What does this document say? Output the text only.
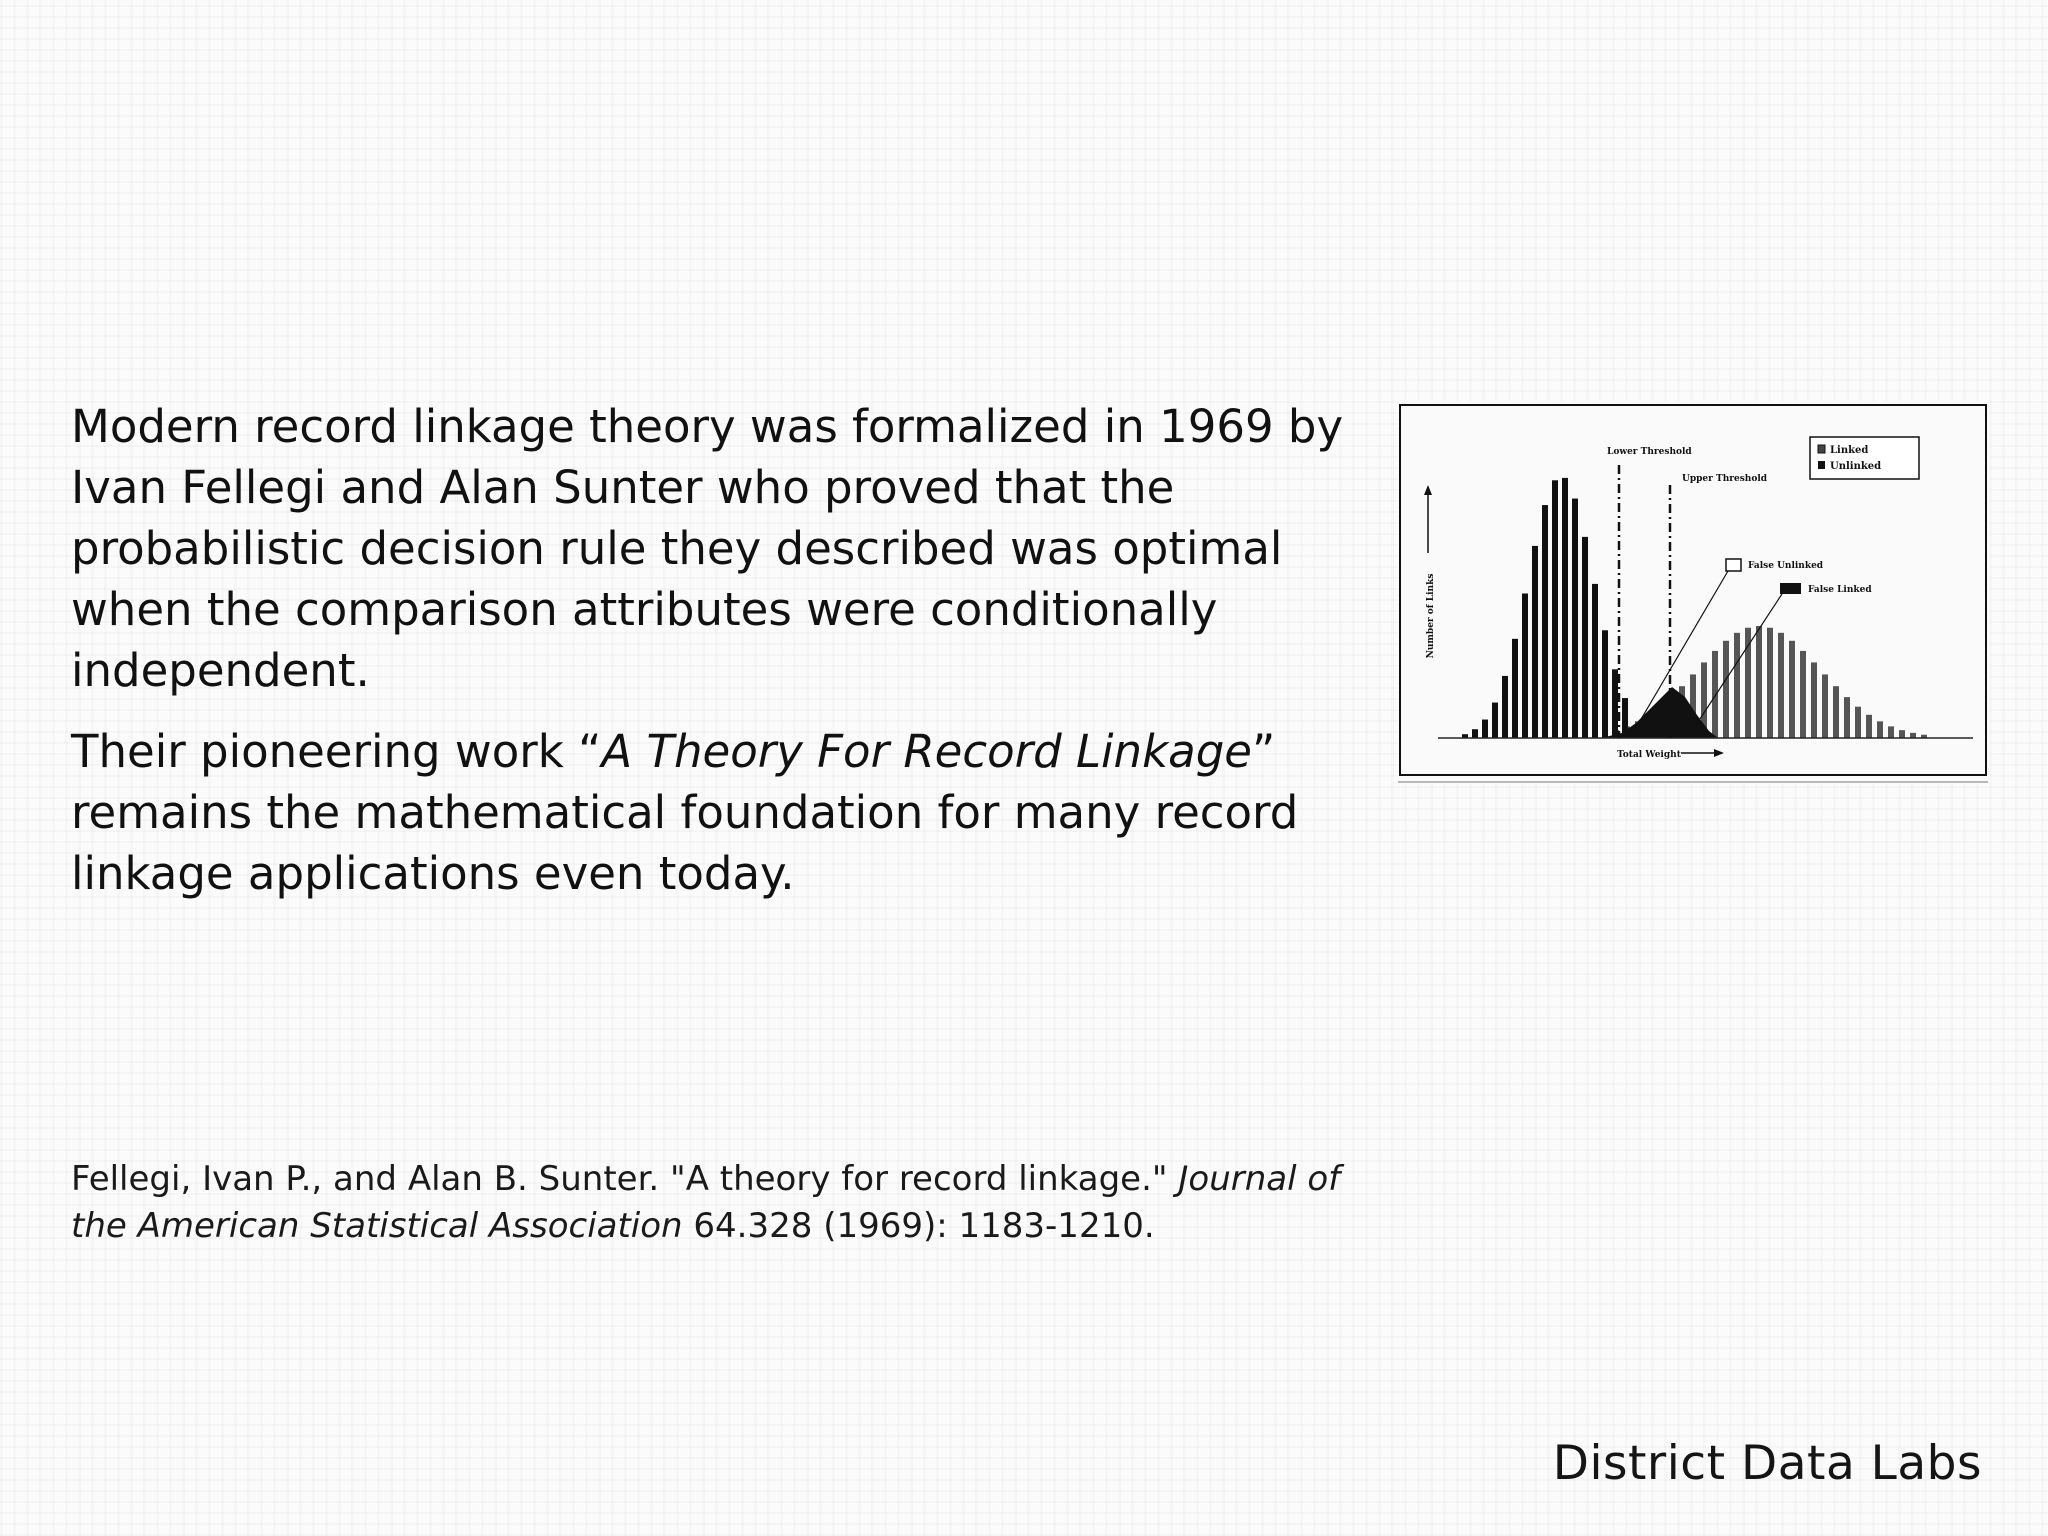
Modern record linkage theory was formalized in 1969 by Ivan Fellegi and Alan Sunter who proved that the probabilistic decision rule they described was optimal when the comparison attributes were conditionally independent.

Their pioneering work “A Theory For Record Linkage” remains the mathematical foundation for many record linkage applications even today.

Lower Threshold
Upper Threshold
Linked
Unlinked
False Unlinked
False Linked
Number of Links
Total Weight
Fellegi, Ivan P., and Alan B. Sunter. "A theory for record linkage." Journal of the American Statistical Association 64.328 (1969): 1183-1210.
District Data Labs
